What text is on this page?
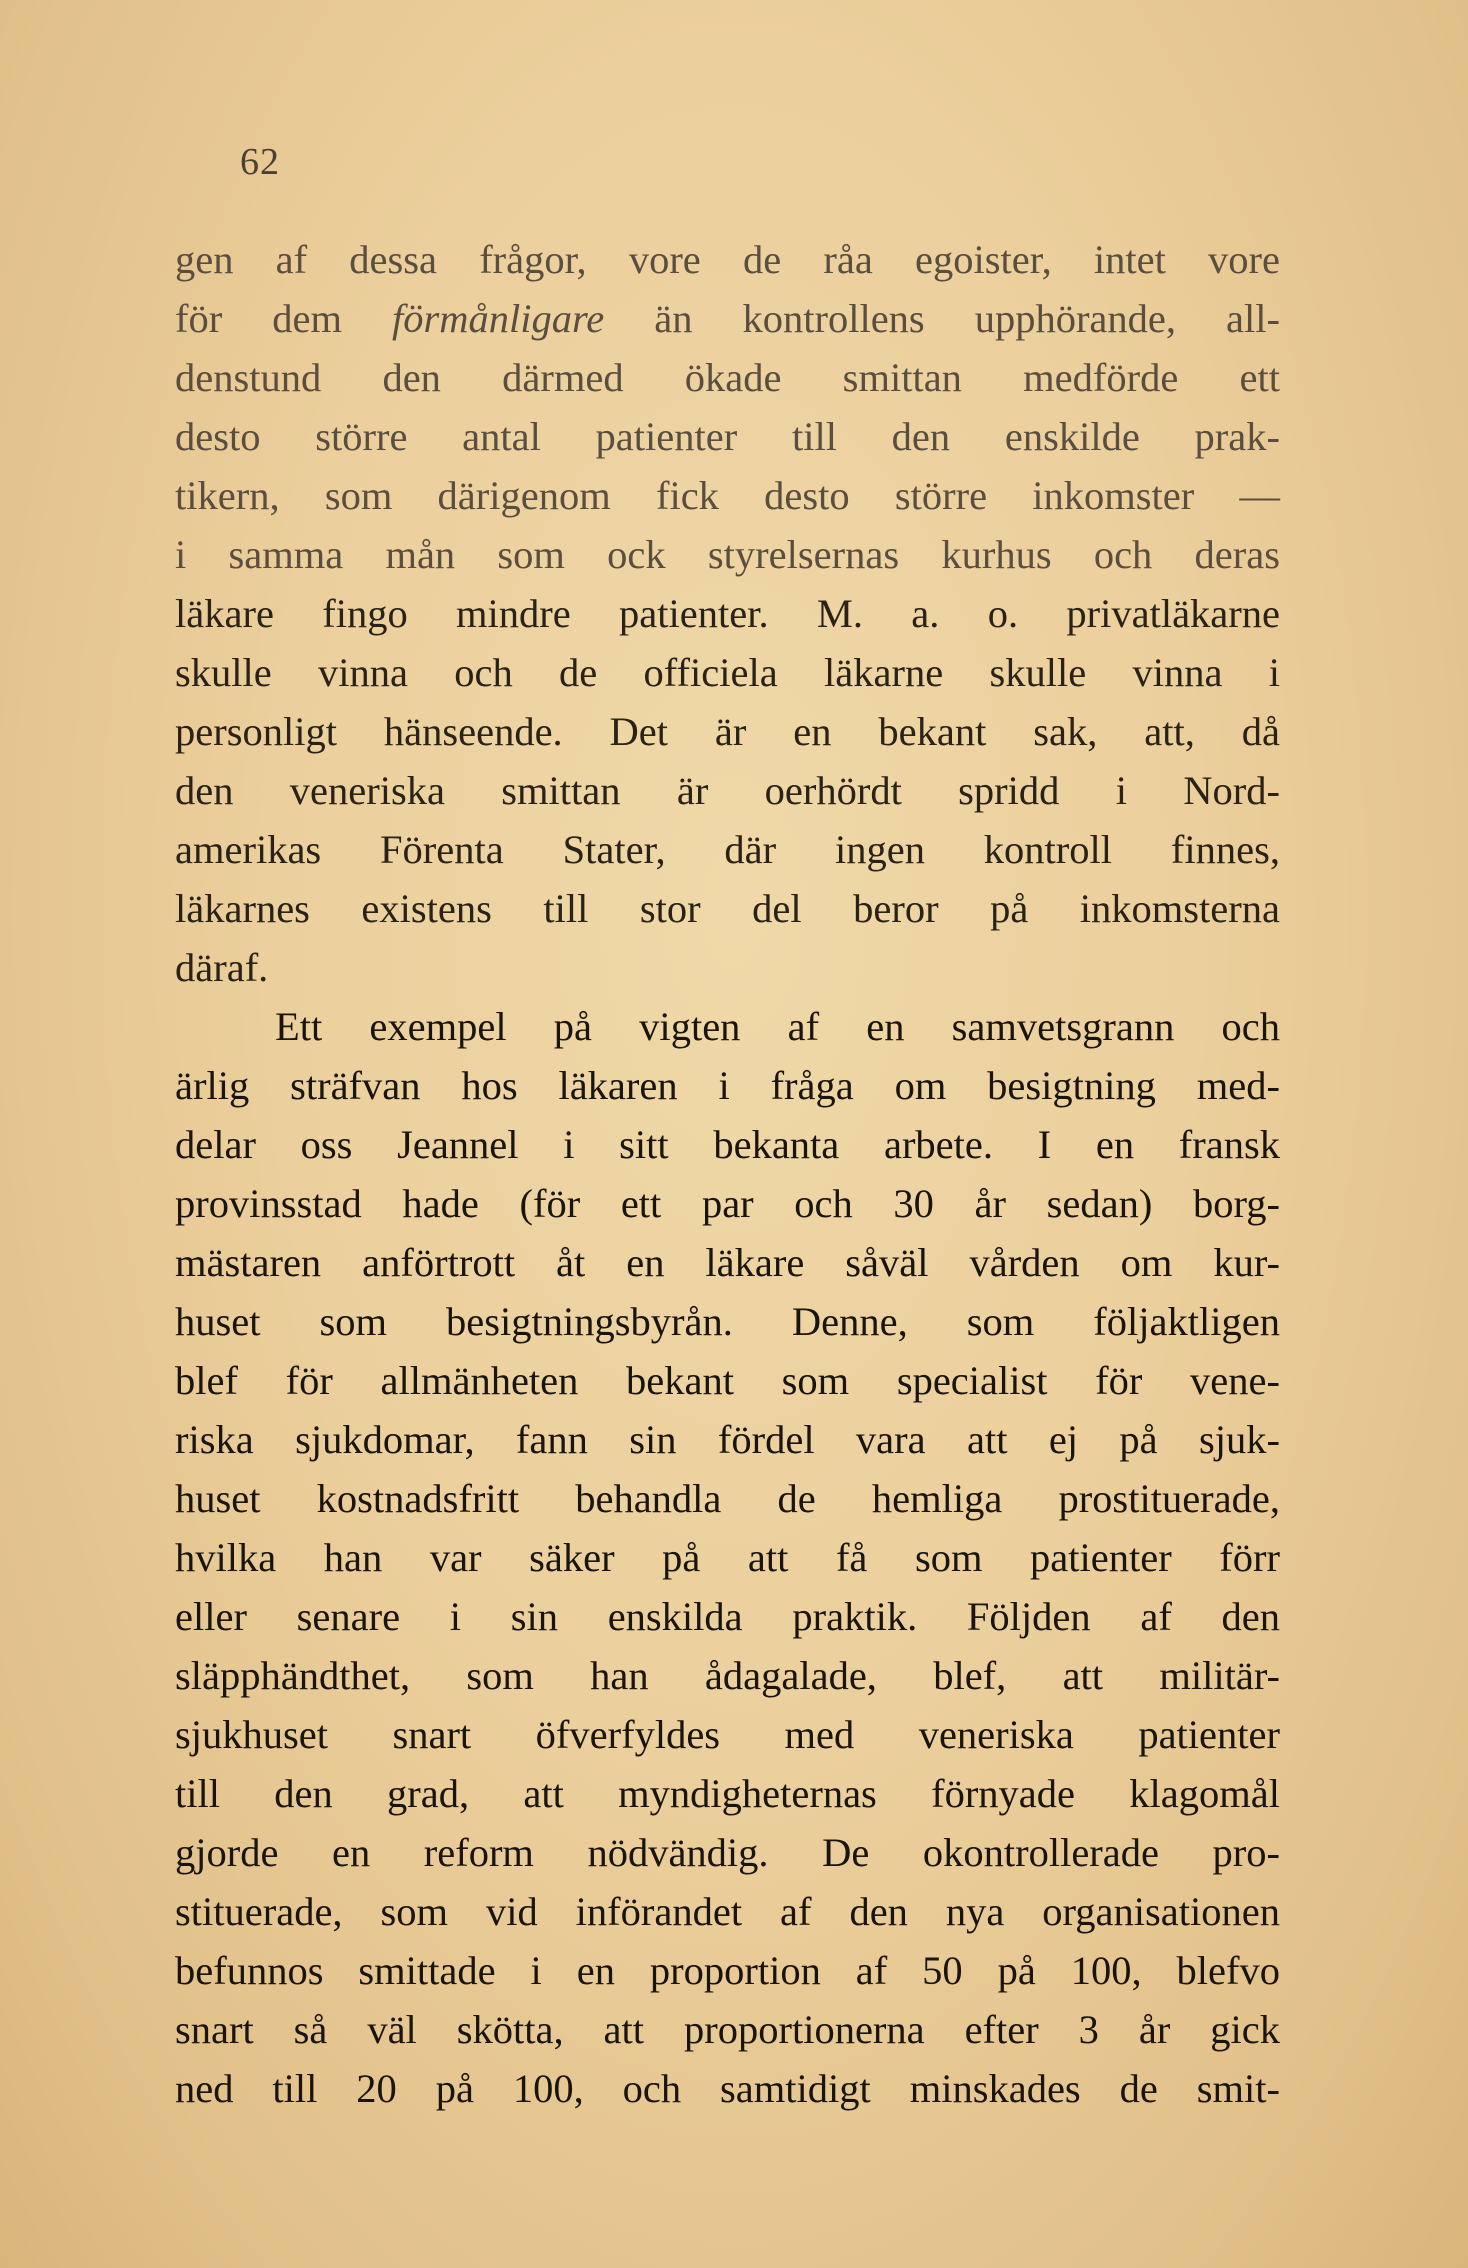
62
gen af dessa frågor, vore de råa egoister, intet vore
för dem förmånligare än kontrollens upphörande, all-
denstund den därmed ökade smittan medförde ett
desto större antal patienter till den enskilde prak-
tikern, som därigenom fick desto större inkomster —
i samma mån som ock styrelsernas kurhus och deras
läkare fingo mindre patienter. M. a. o. privatläkarne
skulle vinna och de officiela läkarne skulle vinna i
personligt hänseende. Det är en bekant sak, att, då
den veneriska smittan är oerhördt spridd i Nord-
amerikas Förenta Stater, där ingen kontroll finnes,
läkarnes existens till stor del beror på inkomsterna
däraf.
Ett exempel på vigten af en samvetsgrann och
ärlig sträfvan hos läkaren i fråga om besigtning med-
delar oss Jeannel i sitt bekanta arbete. I en fransk
provinsstad hade (för ett par och 30 år sedan) borg-
mästaren anförtrott åt en läkare såväl vården om kur-
huset som besigtningsbyrån. Denne, som följaktligen
blef för allmänheten bekant som specialist för vene-
riska sjukdomar, fann sin fördel vara att ej på sjuk-
huset kostnadsfritt behandla de hemliga prostituerade,
hvilka han var säker på att få som patienter förr
eller senare i sin enskilda praktik. Följden af den
släpphändthet, som han ådagalade, blef, att militär-
sjukhuset snart öfverfyldes med veneriska patienter
till den grad, att myndigheternas förnyade klagomål
gjorde en reform nödvändig. De okontrollerade pro-
stituerade, som vid införandet af den nya organisationen
befunnos smittade i en proportion af 50 på 100, blefvo
snart så väl skötta, att proportionerna efter 3 år gick
ned till 20 på 100, och samtidigt minskades de smit-
